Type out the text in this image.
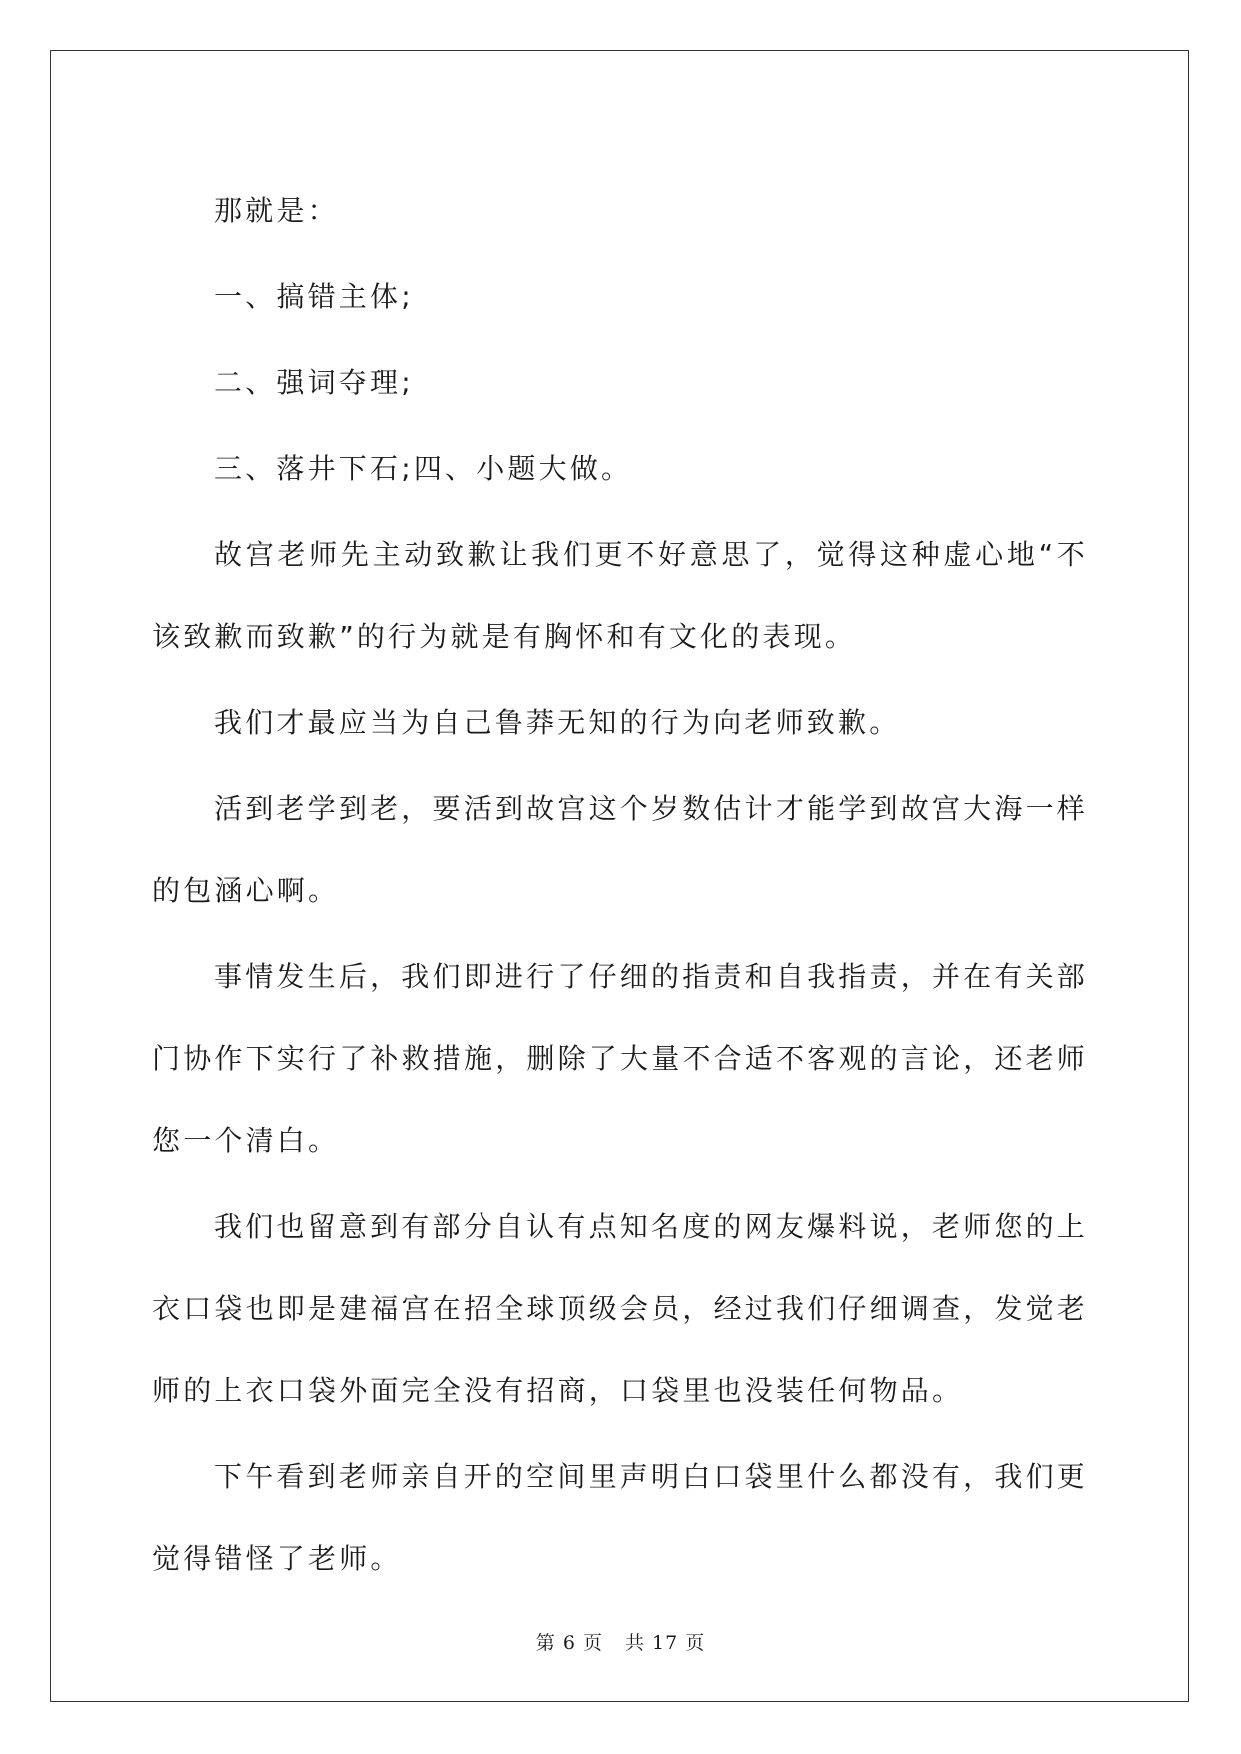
那就是：

一、搞错主体;

二、强词夺理;

三、落井下石;四、小题大做。

故宫老师先主动致歉让我们更不好意思了，觉得这种虚心地“不该致歉而致歉”的行为就是有胸怀和有文化的表现。

我们才最应当为自己鲁莽无知的行为向老师致歉。

活到老学到老，要活到故宫这个岁数估计才能学到故宫大海一样的包涵心啊。

事情发生后，我们即进行了仔细的指责和自我指责，并在有关部门协作下实行了补救措施，删除了大量不合适不客观的言论，还老师您一个清白。

我们也留意到有部分自认有点知名度的网友爆料说，老师您的上衣口袋也即是建福宫在招全球顶级会员，经过我们仔细调查，发觉老师的上衣口袋外面完全没有招商，口袋里也没装任何物品。

下午看到老师亲自开的空间里声明白口袋里什么都没有，我们更觉得错怪了老师。

第 6 页 共 17 页
